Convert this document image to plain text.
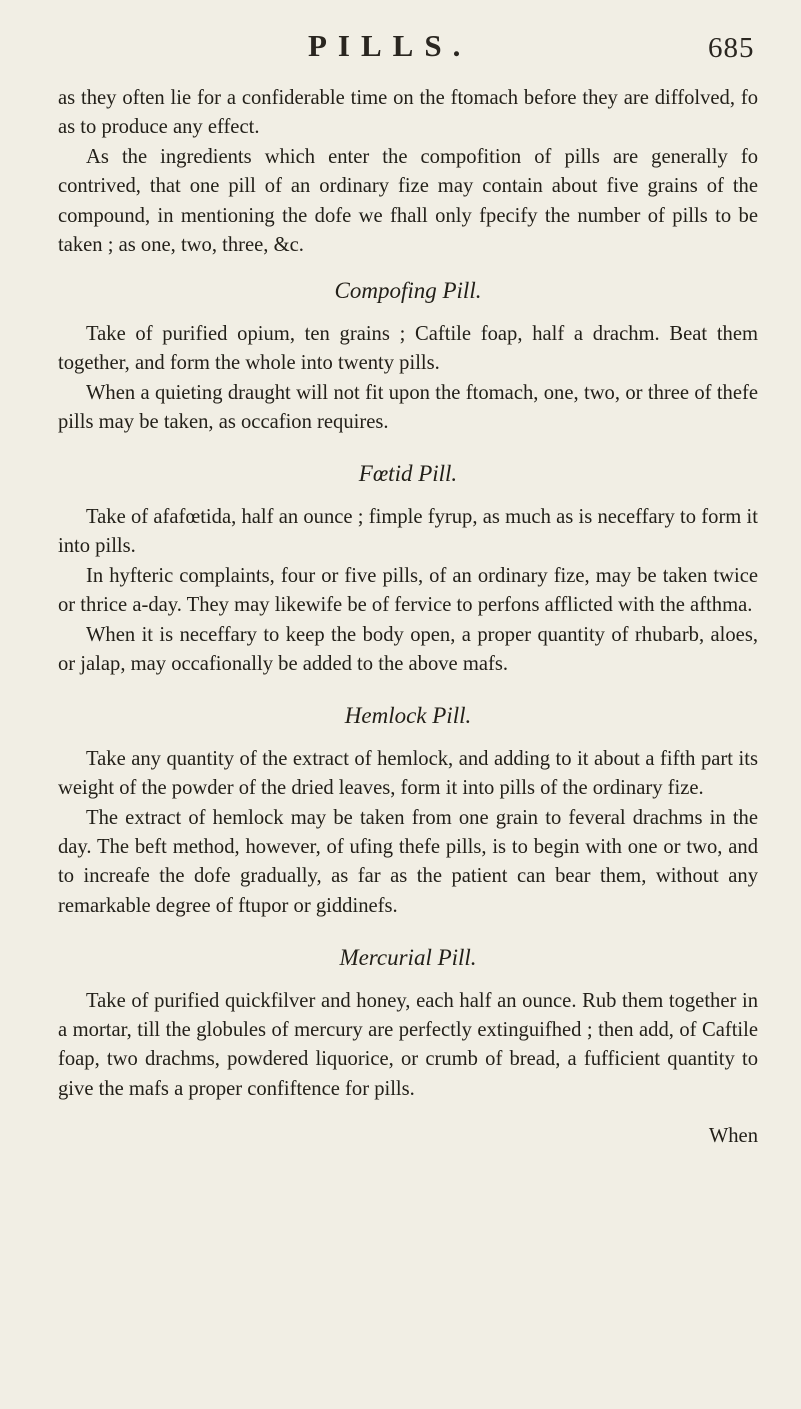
PILLS.	685

as they often lie for a confiderable time on the ftomach before they are diffolved, fo as to produce any effect.

As the ingredients which enter the compofition of pills are generally fo contrived, that one pill of an ordinary fize may contain about five grains of the compound, in mentioning the dofe we fhall only fpecify the number of pills to be taken ; as one, two, three, &c.

Compofing Pill.

Take of purified opium, ten grains ; Caftile foap, half a drachm. Beat them together, and form the whole into twenty pills.

When a quieting draught will not fit upon the ftomach, one, two, or three of thefe pills may be taken, as occafion requires.

Fœtid Pill.

Take of afafœtida, half an ounce ; fimple fyrup, as much as is neceffary to form it into pills.

In hyfteric complaints, four or five pills, of an ordinary fize, may be taken twice or thrice a-day. They may likewife be of fervice to perfons afflicted with the afthma.

When it is neceffary to keep the body open, a proper quantity of rhubarb, aloes, or jalap, may occafionally be added to the above mafs.

Hemlock Pill.

Take any quantity of the extract of hemlock, and adding to it about a fifth part its weight of the powder of the dried leaves, form it into pills of the ordinary fize.

The extract of hemlock may be taken from one grain to feveral drachms in the day. The beft method, however, of ufing thefe pills, is to begin with one or two, and to increafe the dofe gradually, as far as the patient can bear them, without any remarkable degree of ftupor or giddinefs.

Mercurial Pill.

Take of purified quickfilver and honey, each half an ounce. Rub them together in a mortar, till the globules of mercury are perfectly extinguifhed ; then add, of Caftile foap, two drachms, powdered liquorice, or crumb of bread, a fufficient quantity to give the mafs a proper confiftence for pills.

When
